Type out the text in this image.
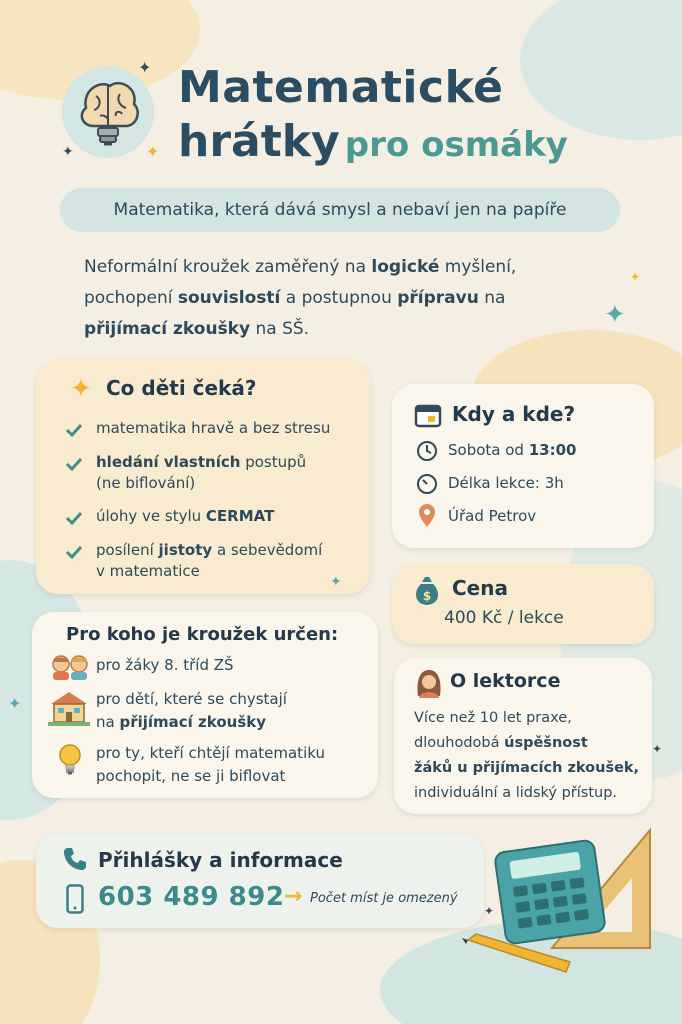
✦
✦	✦
Matematické
hrátky pro osmáky
Matematika, která dává smysl a nebaví jen na papíře
Neformální kroužek zaměřený na logické myšlení,
pochopení souvislostí a postupnou přípravu na
přijímací zkoušky na SŠ.	✦
✦
✦ Co děti čeká?
matematika hravě a bez stresu
hledání vlastních postupů
(ne biflování)
úlohy ve stylu CERMAT
posílení jistoty a sebevědomí
v matematice
Kdy a kde?
Sobota od 13:00
Délka lekce: 3h
Úřad Petrov
$ Cena
400 Kč / lekce
Pro koho je kroužek určen:
pro žáky 8. tříd ZŠ
pro dětí, které se chystají
na přijímací zkoušky
pro ty, kteří chtějí matematiku
pochopit, ne se ji biflovat
O lektorce
Více než 10 let praxe,
dlouhodobá úspěšnost
žáků u přijímacích zkoušek,
individuální a lidský přístup.
Přihlášky a informace
603 489 892 → Počet míst je omezený
✦
✦
✦
✦
